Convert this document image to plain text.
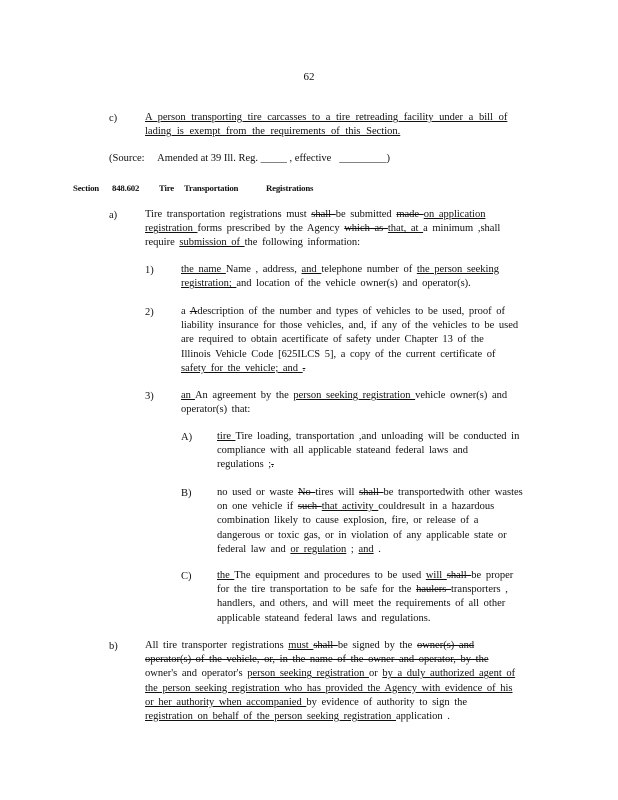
62
c)	A person transporting tire carcasses to a tire retreading facility under a bill of
lading is exempt from the requirements of this Section.
(Source: Amended at 39 Ill. Reg. _____ , effective _________)
Section 848.602 Tire Transportation	Registrations
a)	Tire transportation registrations must shall be submitted made on application
registration forms prescribed by the Agency which as that, at a minimum ,shall
require submission of the following information:
1)	the name Name , address, and telephone number of the person seeking
registration; and location of the vehicle owner(s) and operator(s).
2)	a Adescription of the number and types of vehicles to be used, proof of
liability insurance for those vehicles, and, if any of the vehicles to be used
are required to obtain acertificate of safety under Chapter 13 of the
Illinois Vehicle Code [625ILCS 5], a copy of the current certificate of
safety for the vehicle; and .
3)	an An agreement by the person seeking registration vehicle owner(s) and
operator(s) that:
A) tire Tire loading, transportation ,and unloading will be conducted in
compliance with all applicable stateand federal laws and
regulations ;.
B) no used or waste No tires will shall be transportedwith other wastes
on one vehicle if such that activity couldresult in a hazardous
combination likely to cause explosion, fire, or release of a
dangerous or toxic gas, or in violation of any applicable state or
federal law and or regulation ; and .
C) the The equipment and procedures to be used will shall be proper
for the tire transportation to be safe for the haulers transporters ,
handlers, and others, and will meet the requirements of all other
applicable stateand federal laws and regulations.
b)	All tire transporter registrations must shall be signed by the owner(s) and
operator(s) of the vehicle, or, in the name of the owner and operator, by the
owner's and operator's person seeking registration or by a duly authorized agent of
the person seeking registration who has provided the Agency with evidence of his
or her authority when accompanied by evidence of authority to sign the
registration on behalf of the person seeking registration application .
